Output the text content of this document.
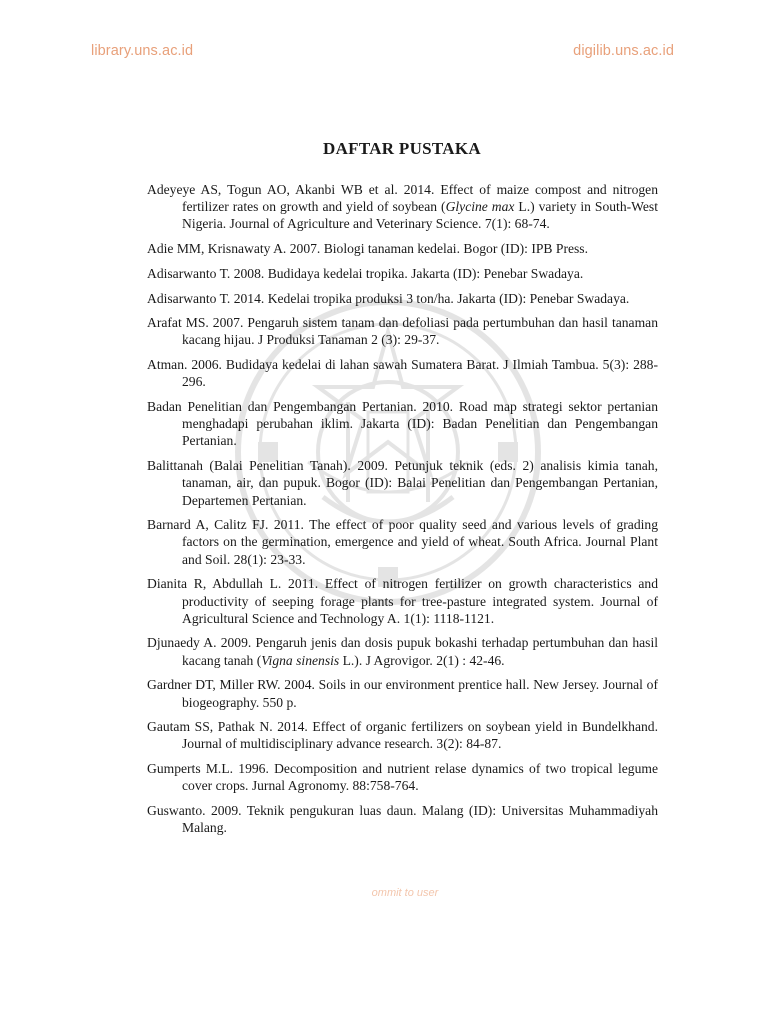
library.uns.ac.id	digilib.uns.ac.id
DAFTAR PUSTAKA
Adeyeye AS, Togun AO, Akanbi WB et al. 2014. Effect of maize compost and nitrogen fertilizer rates on growth and yield of soybean (Glycine max L.) variety in South-West Nigeria. Journal of Agriculture and Veterinary Science. 7(1): 68-74.
Adie MM, Krisnawaty A. 2007. Biologi tanaman kedelai. Bogor (ID): IPB Press.
Adisarwanto T. 2008. Budidaya kedelai tropika. Jakarta (ID): Penebar Swadaya.
Adisarwanto T. 2014. Kedelai tropika produksi 3 ton/ha. Jakarta (ID): Penebar Swadaya.
Arafat MS. 2007. Pengaruh sistem tanam dan defoliasi pada pertumbuhan dan hasil tanaman kacang hijau. J Produksi Tanaman 2 (3): 29-37.
Atman. 2006. Budidaya kedelai di lahan sawah Sumatera Barat. J Ilmiah Tambua. 5(3): 288-296.
Badan Penelitian dan Pengembangan Pertanian. 2010. Road map strategi sektor pertanian menghadapi perubahan iklim. Jakarta (ID): Badan Penelitian dan Pengembangan Pertanian.
Balittanah (Balai Penelitian Tanah). 2009. Petunjuk teknik (eds. 2) analisis kimia tanah, tanaman, air, dan pupuk. Bogor (ID): Balai Penelitian dan Pengembangan Pertanian, Departemen Pertanian.
Barnard A, Calitz FJ. 2011. The effect of poor quality seed and various levels of grading factors on the germination, emergence and yield of wheat. South Africa. Journal Plant and Soil. 28(1): 23-33.
Dianita R, Abdullah L. 2011. Effect of nitrogen fertilizer on growth characteristics and productivity of seeping forage plants for tree-pasture integrated system. Journal of Agricultural Science and Technology A. 1(1): 1118-1121.
Djunaedy A. 2009. Pengaruh jenis dan dosis pupuk bokashi terhadap pertumbuhan dan hasil kacang tanah (Vigna sinensis L.). J Agrovigor. 2(1) : 42-46.
Gardner DT, Miller RW. 2004. Soils in our environment prentice hall. New Jersey. Journal of biogeography. 550 p.
Gautam SS, Pathak N. 2014. Effect of organic fertilizers on soybean yield in Bundelkhand. Journal of multidisciplinary advance research. 3(2): 84-87.
Gumperts M.L. 1996. Decomposition and nutrient relase dynamics of two tropical legume cover crops. Jurnal Agronomy. 88:758-764.
Guswanto. 2009. Teknik pengukuran luas daun. Malang (ID): Universitas Muhammadiyah Malang.
ommit to user
